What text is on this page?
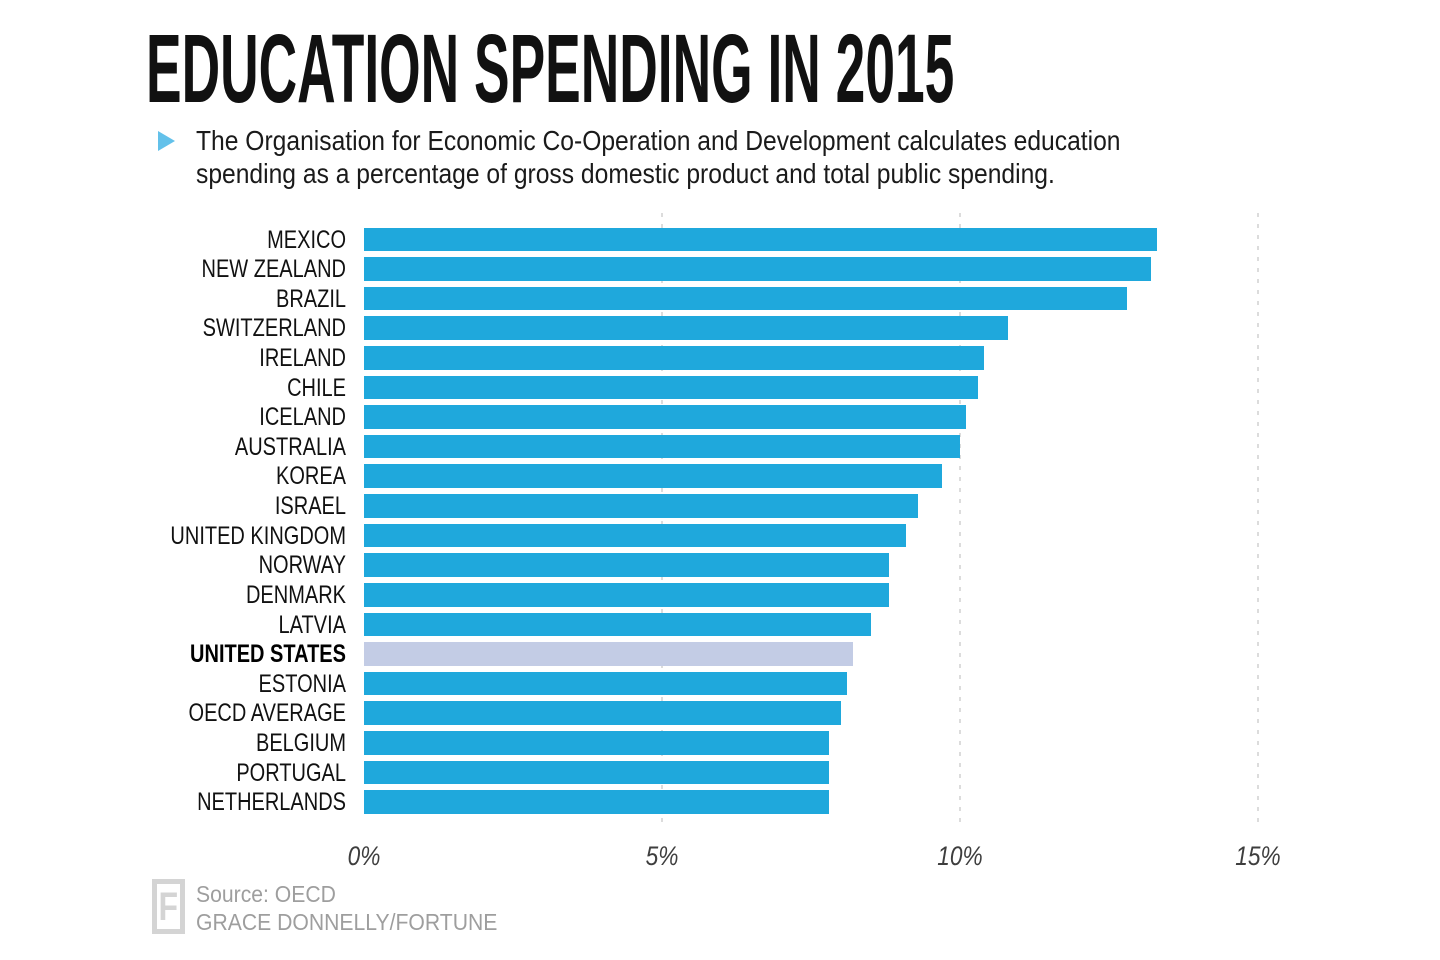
EDUCATION SPENDING IN 2015
The Organisation for Economic Co-Operation and Development calculates education
spending as a percentage of gross domestic product and total public spending.
MEXICO
NEW ZEALAND
BRAZIL
SWITZERLAND
IRELAND
CHILE
ICELAND
AUSTRALIA
KOREA
ISRAEL
UNITED KINGDOM
NORWAY
DENMARK
LATVIA
UNITED STATES
ESTONIA
OECD AVERAGE
BELGIUM
PORTUGAL
NETHERLANDS
0%	5%	10%	15%
F Source: OECD
GRACE DONNELLY/FORTUNE
